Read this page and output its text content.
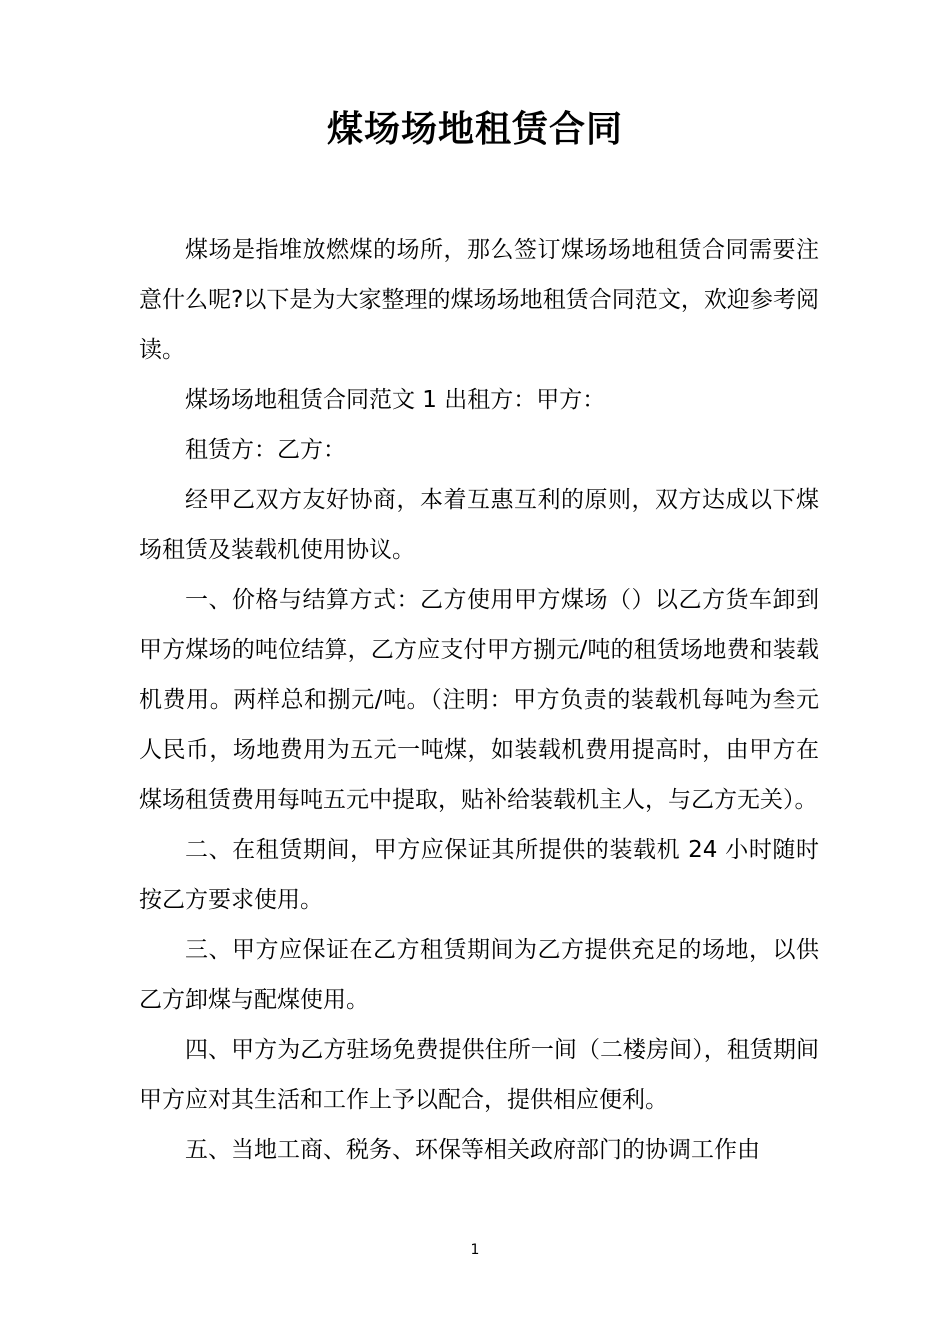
煤场场地租赁合同

煤场是指堆放燃煤的场所，那么签订煤场场地租赁合同需要注意什么呢?以下是为大家整理的煤场场地租赁合同范文，欢迎参考阅读。

煤场场地租赁合同范文 1 出租方：甲方：

租赁方：乙方：

经甲乙双方友好协商，本着互惠互利的原则，双方达成以下煤场租赁及装载机使用协议。

一、价格与结算方式：乙方使用甲方煤场（）以乙方货车卸到甲方煤场的吨位结算，乙方应支付甲方捌元/吨的租赁场地费和装载机费用。两样总和捌元/吨。（注明：甲方负责的装载机每吨为叁元人民币，场地费用为五元一吨煤，如装载机费用提高时，由甲方在煤场租赁费用每吨五元中提取，贴补给装载机主人，与乙方无关）。

二、在租赁期间，甲方应保证其所提供的装载机 24 小时随时按乙方要求使用。

三、甲方应保证在乙方租赁期间为乙方提供充足的场地，以供乙方卸煤与配煤使用。

四、甲方为乙方驻场免费提供住所一间（二楼房间），租赁期间甲方应对其生活和工作上予以配合，提供相应便利。

五、当地工商、税务、环保等相关政府部门的协调工作由

1
